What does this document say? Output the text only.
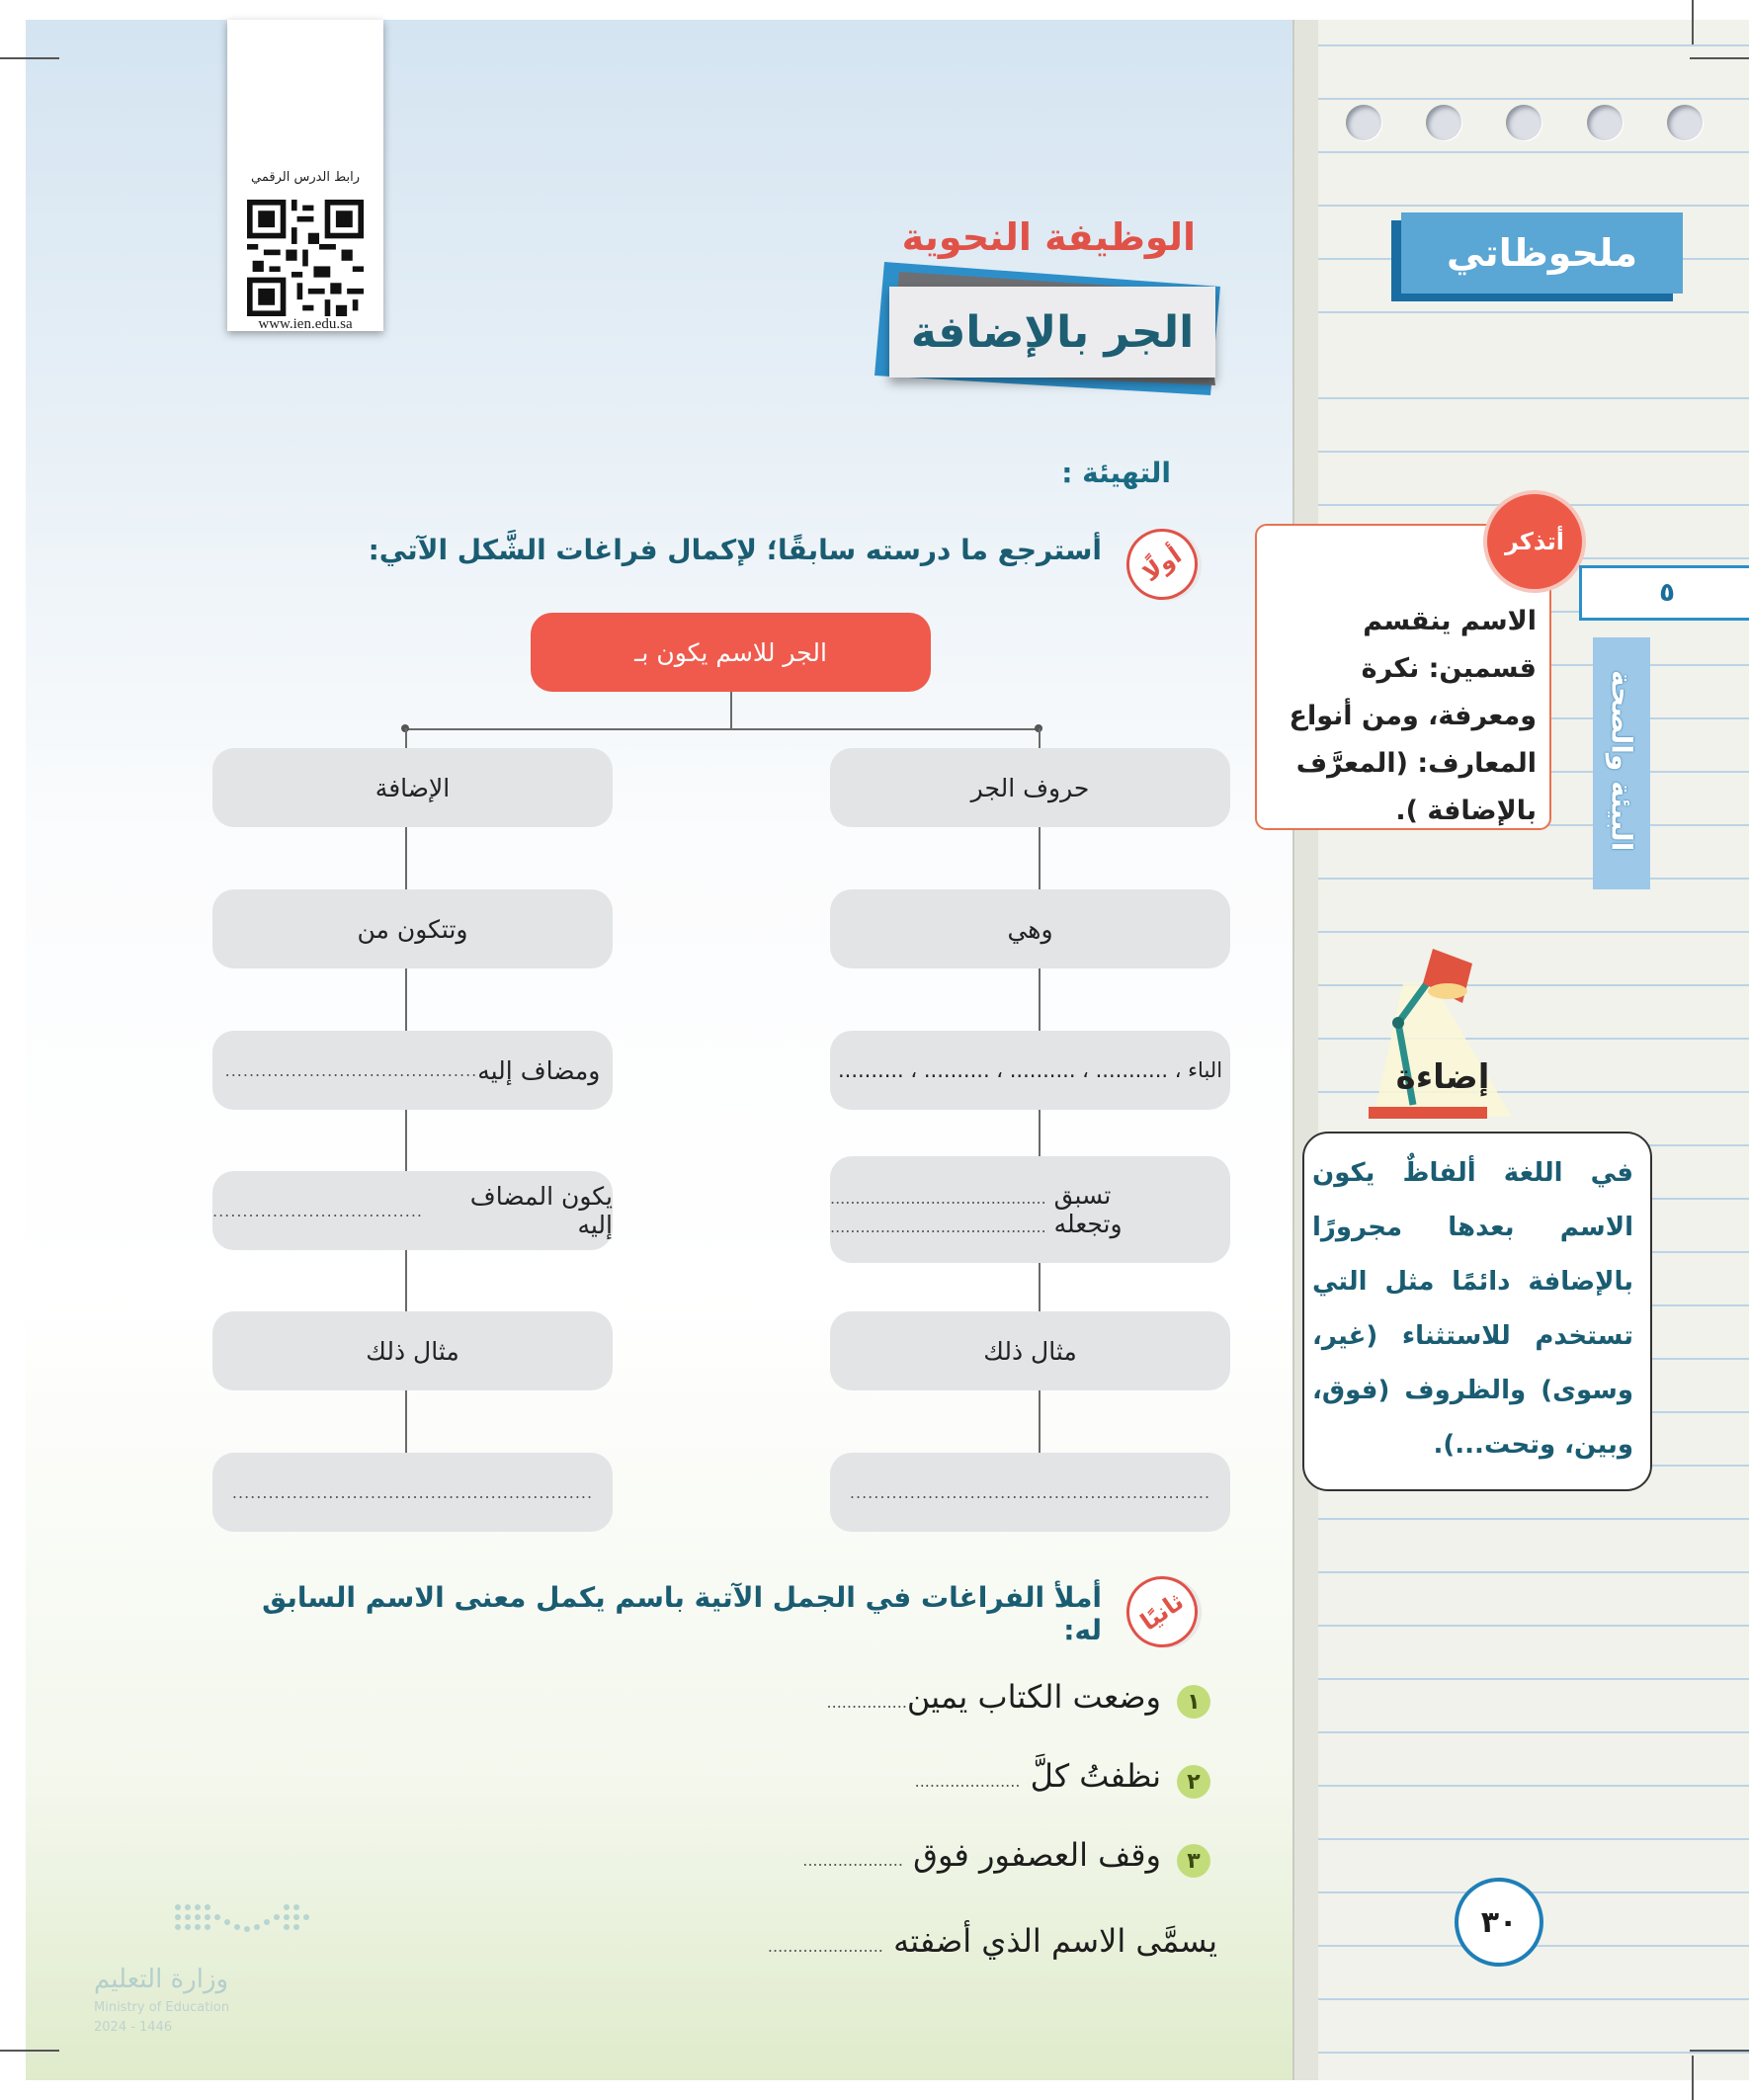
ملحوظاتي
رابط الدرس الرقمي
www.ien.edu.sa
الوظيفة النحوية
الجر بالإضافة
التهيئة :
أولًا
أسترجع ما درسته سابقًا؛ لإكمال فراغات الشَّكل الآتي:
الجر للاسم يكون بـ
حروف الجر
وهي
الباء ، ........... ، .......... ، .......... ، ..........
تسبق ...........................................
وتجعله ...........................................
مثال ذلك
............................................................
الإضافة
وتتكون من
ومضاف إليه
..........................................
يكون المضاف إليه

...................................
مثال ذلك
............................................................
ثانيًا
أملأ الفراغات في الجمل الآتية باسم يكمل معنى الاسم السابق له:
١
وضعت الكتاب يمين................
٢
نظفتُ كلَّ .....................
٣
وقف العصفور فوق ....................
يسمَّى الاسم الذي أضفته .......................
أتذكر
الاسم ينقسم قسمين: نكرة ومعرفة، ومن أنواع المعارف: (المعرَّف بالإضافة ).
٥
البيئة والصحة
إضاءة
في اللغة ألفاظٌ يكون الاسم بعدها مجرورًا بالإضافة دائمًا مثل التي تستخدم للاستثناء (غير، وسوى) والظروف (فوق، وبين، وتحت...).
٣٠
وزارة التعليم
Ministry of Education
2024 - 1446
